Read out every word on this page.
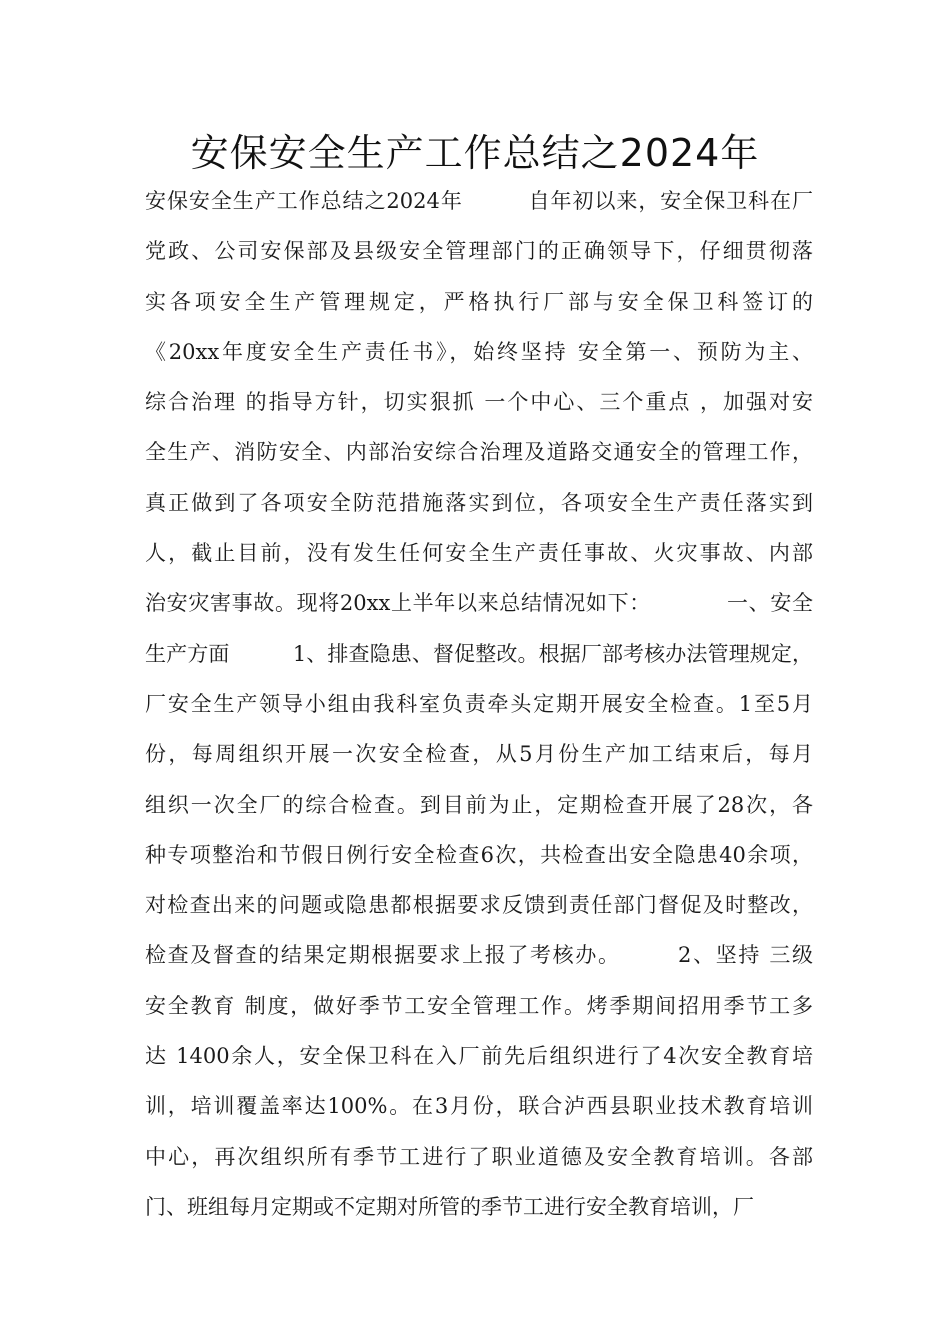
安保安全生产工作总结之2024年
安保安全生产工作总结之2024年　　　自年初以来，安全保卫科在厂
党政、公司安保部及县级安全管理部门的正确领导下，仔细贯彻落
实各项安全生产管理规定，严格执行厂部与安全保卫科签订的
《20xx年度安全生产责任书》，始终坚持 安全第一、预防为主、
综合治理 的指导方针，切实狠抓 一个中心、三个重点 ，加强对安
全生产、消防安全、内部治安综合治理及道路交通安全的管理工作，
真正做到了各项安全防范措施落实到位，各项安全生产责任落实到
人，截止目前，没有发生任何安全生产责任事故、火灾事故、内部
治安灾害事故。现将20xx上半年以来总结情况如下：　　　　一、安全
生产方面　　　1、排查隐患、督促整改。根据厂部考核办法管理规定，
厂安全生产领导小组由我科室负责牵头定期开展安全检查。1至5月
份，每周组织开展一次安全检查，从5月份生产加工结束后，每月
组织一次全厂的综合检查。到目前为止，定期检查开展了28次，各
种专项整治和节假日例行安全检查6次，共检查出安全隐患40余项，
对检查出来的问题或隐患都根据要求反馈到责任部门督促及时整改，
检查及督查的结果定期根据要求上报了考核办。　　　2、坚持 三级
安全教育 制度，做好季节工安全管理工作。烤季期间招用季节工多
达 1400余人，安全保卫科在入厂前先后组织进行了4次安全教育培
训，培训覆盖率达100%。在3月份，联合泸西县职业技术教育培训
中心，再次组织所有季节工进行了职业道德及安全教育培训。各部
门、班组每月定期或不定期对所管的季节工进行安全教育培训，厂
